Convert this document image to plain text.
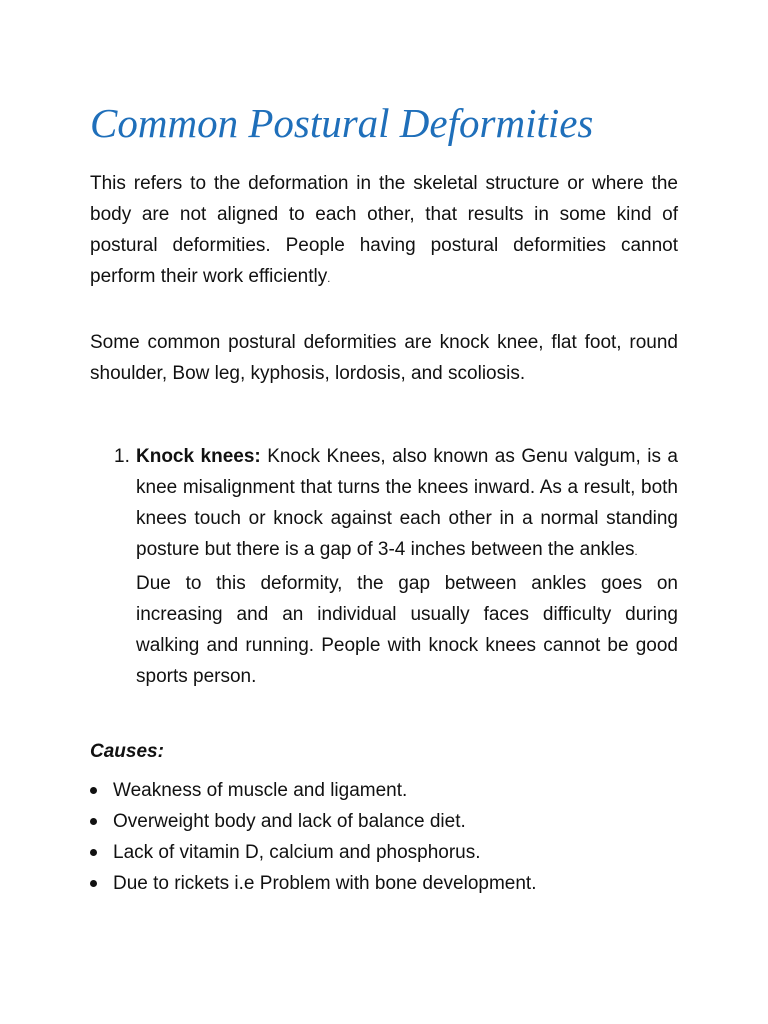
Common Postural Deformities

This refers to the deformation in the skeletal structure or where the body are not aligned to each other, that results in some kind of postural deformities. People having postural deformities cannot perform their work efficiently.

Some common postural deformities are knock knee, flat foot, round shoulder, Bow leg, kyphosis, lordosis, and scoliosis.

1. Knock knees: Knock Knees, also known as Genu valgum, is a knee misalignment that turns the knees inward. As a result, both knees touch or knock against each other in a normal standing posture but there is a gap of 3-4 inches between the ankles.

Due to this deformity, the gap between ankles goes on increasing and an individual usually faces difficulty during walking and running. People with knock knees cannot be good sports person.

Causes:

Weakness of muscle and ligament.
Overweight body and lack of balance diet.
Lack of vitamin D, calcium and phosphorus.
Due to rickets i.e Problem with bone development.
